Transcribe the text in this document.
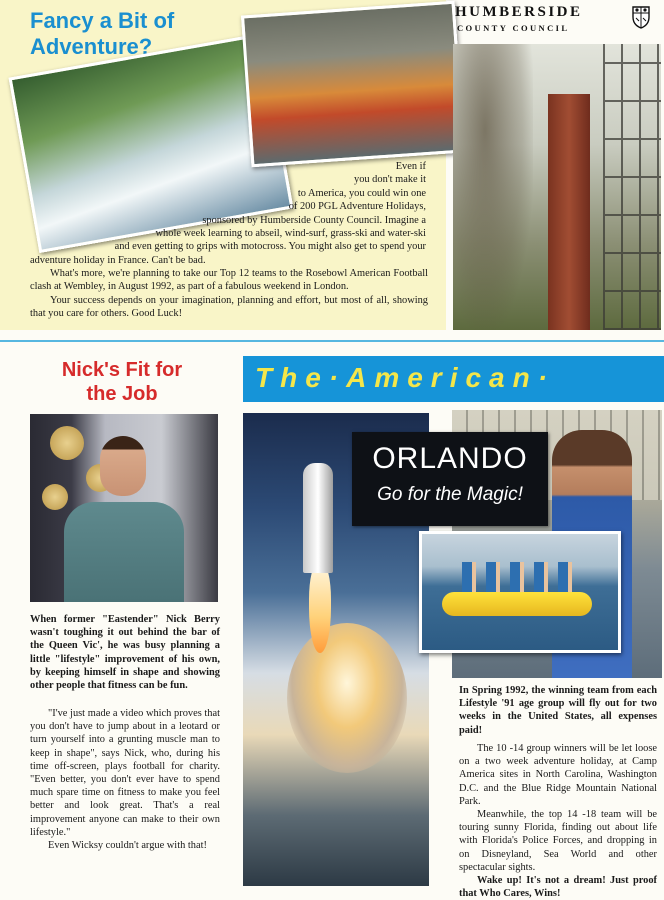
Fancy a Bit of
Adventure?

Even if

you don't make it

to America, you could win one

of 200 PGL Adventure Holidays,

sponsored by Humberside County Council. Imagine a

whole week learning to abseil, wind-surf, grass-ski and water-ski

and even getting to grips with motocross. You might also get to spend your

adventure holiday in France. Can't be bad.

What's more, we're planning to take our Top 12 teams to the Rosebowl American Football clash at Wembley, in August 1992, as part of a fabulous weekend in London.

Your success depends on your imagination, planning and effort, but most of all, showing that you care for others. Good Luck!

HUMBERSIDE

COUNTY COUNCIL

Nick's Fit for
the Job

When former "Eastender" Nick Berry wasn't toughing it out behind the bar of the Queen Vic', he was busy planning a little "lifestyle" improvement of his own, by keeping himself in shape and showing other people that fitness can be fun.

"I've just made a video which proves that you don't have to jump about in a leotard or turn yourself into a grunting muscle man to keep in shape", says Nick, who, during his time off-screen, plays football for charity. "Even better, you don't ever have to spend much spare time on fitness to make you feel better and look great. That's a real improvement anyone can make to their own lifestyle."

Even Wicksy couldn't argue with that!

The·American·

ORLANDO

Go for the Magic!

In Spring 1992, the winning team from each Lifestyle '91 age group will fly out for two weeks in the United States, all expenses paid!

The 10 -14 group winners will be let loose on a two week adventure holiday, at Camp America sites in North Carolina, Washington D.C. and the Blue Ridge Mountain National Park.

Meanwhile, the top 14 -18 team will be touring sunny Florida, finding out about life with Florida's Police Forces, and dropping in on Disneyland, Sea World and other spectacular sights.

Wake up! It's not a dream! Just proof that Who Cares, Wins!
